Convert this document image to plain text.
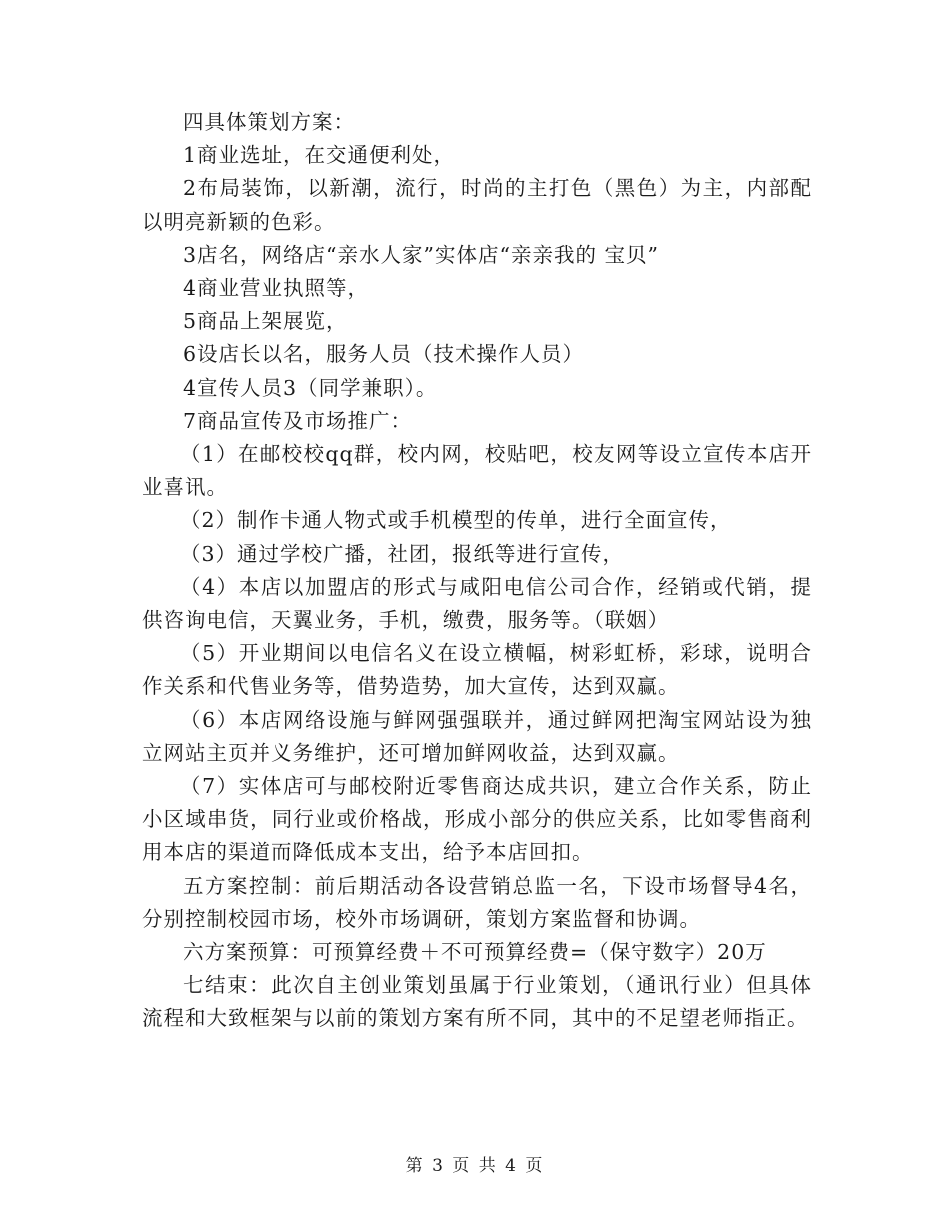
四具体策划方案：

1商业选址，在交通便利处，

2布局装饰，以新潮，流行，时尚的主打色（黑色）为主，内部配以明亮新颖的色彩。

3店名，网络店“亲水人家”实体店“亲亲我的 宝贝”

4商业营业执照等，

5商品上架展览，

6设店长以名，服务人员（技术操作人员）

4宣传人员3（同学兼职）。

7商品宣传及市场推广：

（1）在邮校校qq群，校内网，校贴吧，校友网等设立宣传本店开业喜讯。

（2）制作卡通人物式或手机模型的传单，进行全面宣传，

（3）通过学校广播，社团，报纸等进行宣传，

（4）本店以加盟店的形式与咸阳电信公司合作，经销或代销，提供咨询电信，天翼业务，手机，缴费，服务等。（联姻）

（5）开业期间以电信名义在设立横幅，树彩虹桥，彩球，说明合作关系和代售业务等，借势造势，加大宣传，达到双赢。

（6）本店网络设施与鲜网强强联并，通过鲜网把淘宝网站设为独立网站主页并义务维护，还可增加鲜网收益，达到双赢。

（7）实体店可与邮校附近零售商达成共识，建立合作关系，防止小区域串货，同行业或价格战，形成小部分的供应关系，比如零售商利用本店的渠道而降低成本支出，给予本店回扣。

五方案控制：前后期活动各设营销总监一名，下设市场督导4名，分别控制校园市场，校外市场调研，策划方案监督和协调。

六方案预算：可预算经费＋不可预算经费=（保守数字）20万

七结束：此次自主创业策划虽属于行业策划，（通讯行业）但具体流程和大致框架与以前的策划方案有所不同，其中的不足望老师指正。

第 3 页 共 4 页
